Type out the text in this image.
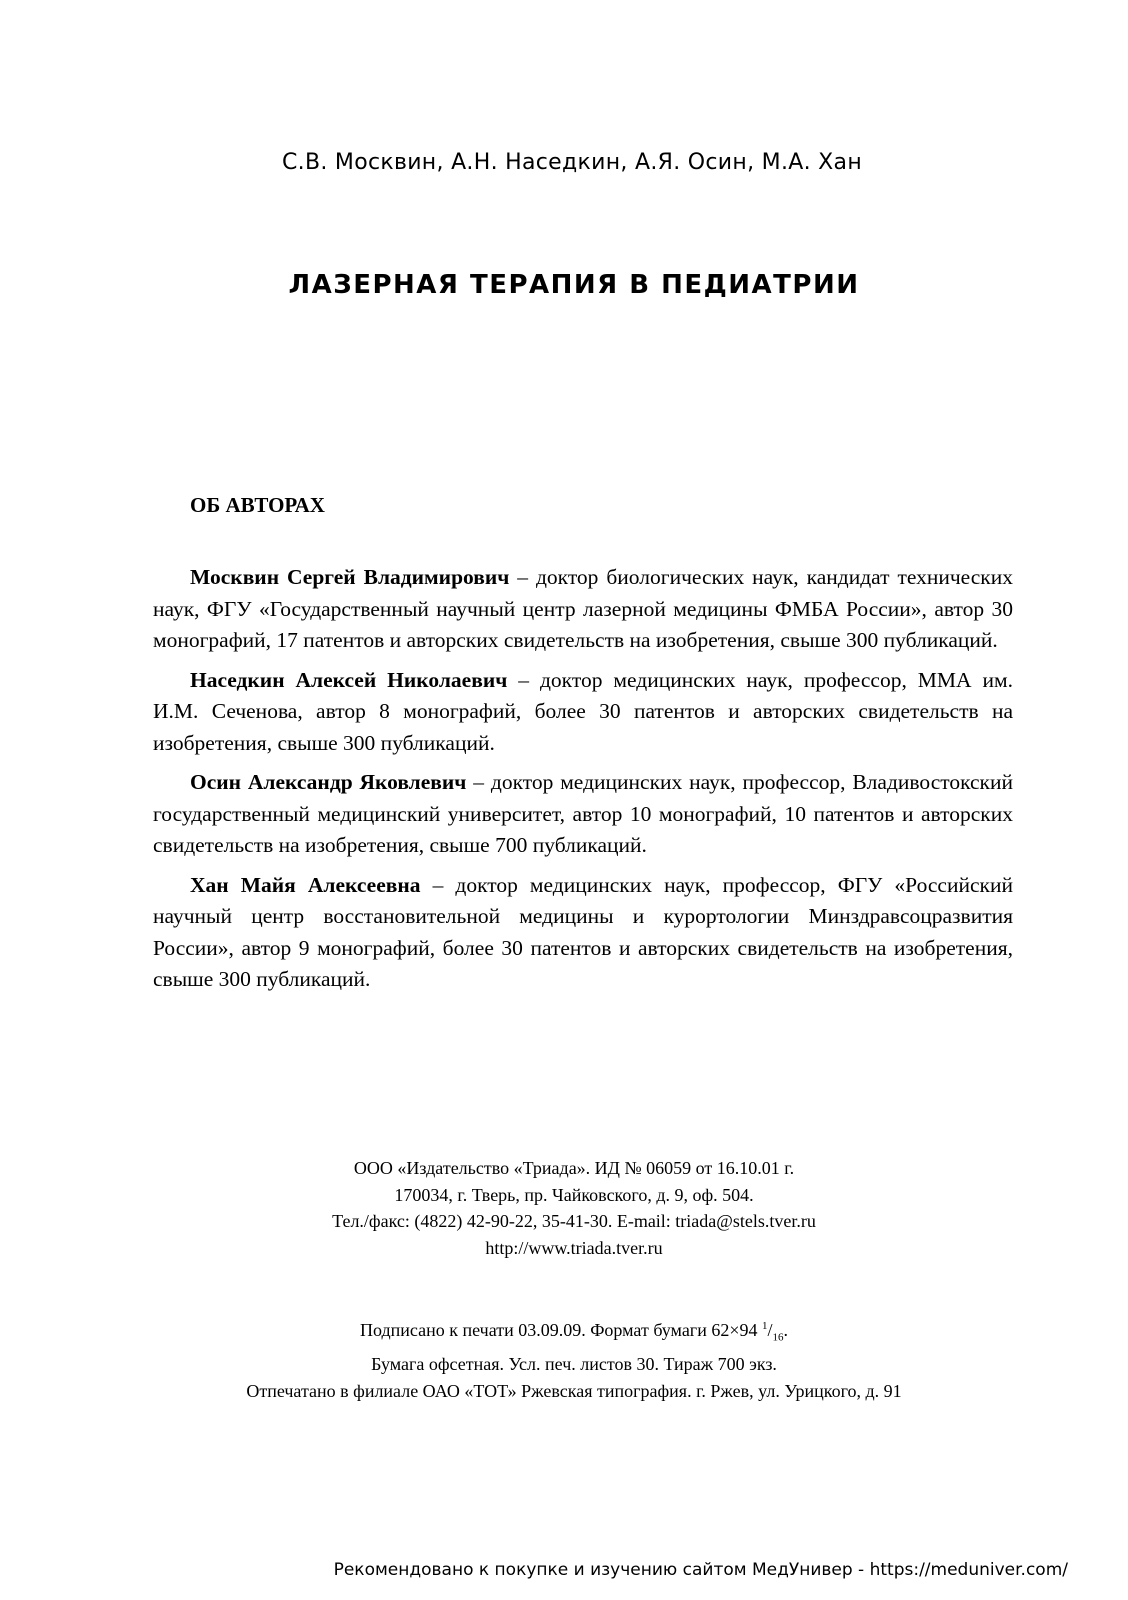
С.В. Москвин, А.Н. Наседкин, А.Я. Осин, М.А. Хан
ЛАЗЕРНАЯ ТЕРАПИЯ В ПЕДИАТРИИ
ОБ АВТОРАХ

Москвин Сергей Владимирович – доктор биологических наук, кандидат технических наук, ФГУ «Государственный научный центр лазерной медицины ФМБА России», автор 30 монографий, 17 патентов и авторских свидетельств на изобретения, свыше 300 публикаций.

Наседкин Алексей Николаевич – доктор медицинских наук, профессор, ММА им. И.М. Сеченова, автор 8 монографий, более 30 патентов и авторских свидетельств на изобретения, свыше 300 публикаций.

Осин Александр Яковлевич – доктор медицинских наук, профессор, Владивостокский государственный медицинский университет, автор 10 монографий, 10 патентов и авторских свидетельств на изобретения, свыше 700 публикаций.

Хан Майя Алексеевна – доктор медицинских наук, профессор, ФГУ «Российский научный центр восстановительной медицины и курортологии Минздравсоцразвития России», автор 9 монографий, более 30 патентов и авторских свидетельств на изобретения, свыше 300 публикаций.

ООО «Издательство «Триада». ИД № 06059 от 16.10.01 г.
170034, г. Тверь, пр. Чайковского, д. 9, оф. 504.
Тел./факс: (4822) 42-90-22, 35-41-30. E-mail: triada@stels.tver.ru
http://www.triada.tver.ru
Подписано к печати 03.09.09. Формат бумаги 62×94 $^1/_{16}$.
Бумага офсетная. Усл. печ. листов 30. Тираж 700 экз.
Отпечатано в филиале ОАО «ТОТ» Ржевская типография. г. Ржев, ул. Урицкого, д. 91
Рекомендовано к покупке и изучению сайтом МедУнивер - https://meduniver.com/
